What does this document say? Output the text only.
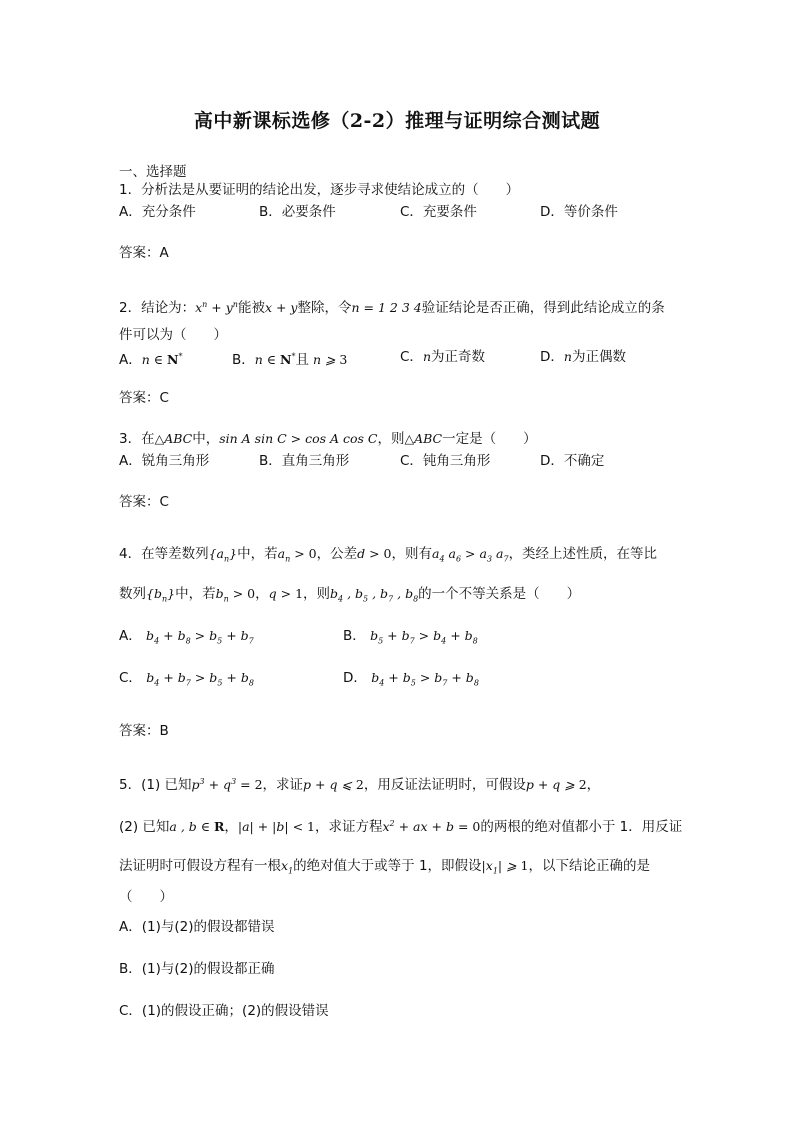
高中新课标选修（2-2）推理与证明综合测试题
一、选择题
1．分析法是从要证明的结论出发，逐步寻求使结论成立的（　　）
A．充分条件	B．必要条件	C．充要条件	D．等价条件
答案：A
2．结论为：$x^n + y^n$能被x + y整除，令n = 1 2 3 4验证结论是否正确，得到此结论成立的条
件可以为（　　）
A．n ∈ N*	B．n ∈ N*且 n ⩾ 3	C．n为正奇数	D．n为正偶数
答案：C
3．在△ABC中，sin A sin C > cos A cos C，则△ABC一定是（　　）
A．锐角三角形	B．直角三角形	C．钝角三角形	D．不确定
答案：C
4．在等差数列$\{a_n\}$中，若$a_n > 0$，公差d > 0，则有$a_4$ $a_6 > a_3$ $a_7$，类经上述性质，在等比
数列$\{b_n\}$中，若$b_n > 0$，q > 1，则$b_4$ , $b_5$ , $b_7$ , $b_8$的一个不等关系是（　　）
A． $b_4 + b_8 > b_5 + b_7$	B． $b_5 + b_7 > b_4 + b_8$
C． $b_4 + b_7 > b_5 + b_8$	D． $b_4 + b_5 > b_7 + b_8$
答案：B
5．(1) 已知$p^3 + q^3 = 2$，求证p + q ⩽ 2，用反证法证明时，可假设p + q ⩾ 2，
(2) 已知a , b ∈ R，|a| + |b| < 1，求证方程$x^2$ + ax + b = 0的两根的绝对值都小于 1．用反证
法证明时可假设方程有一根$x_1$的绝对值大于或等于 1，即假设$|x_1|$ ⩾ 1，以下结论正确的是
（　　）
A．(1)与(2)的假设都错误
B．(1)与(2)的假设都正确
C．(1)的假设正确；(2)的假设错误
